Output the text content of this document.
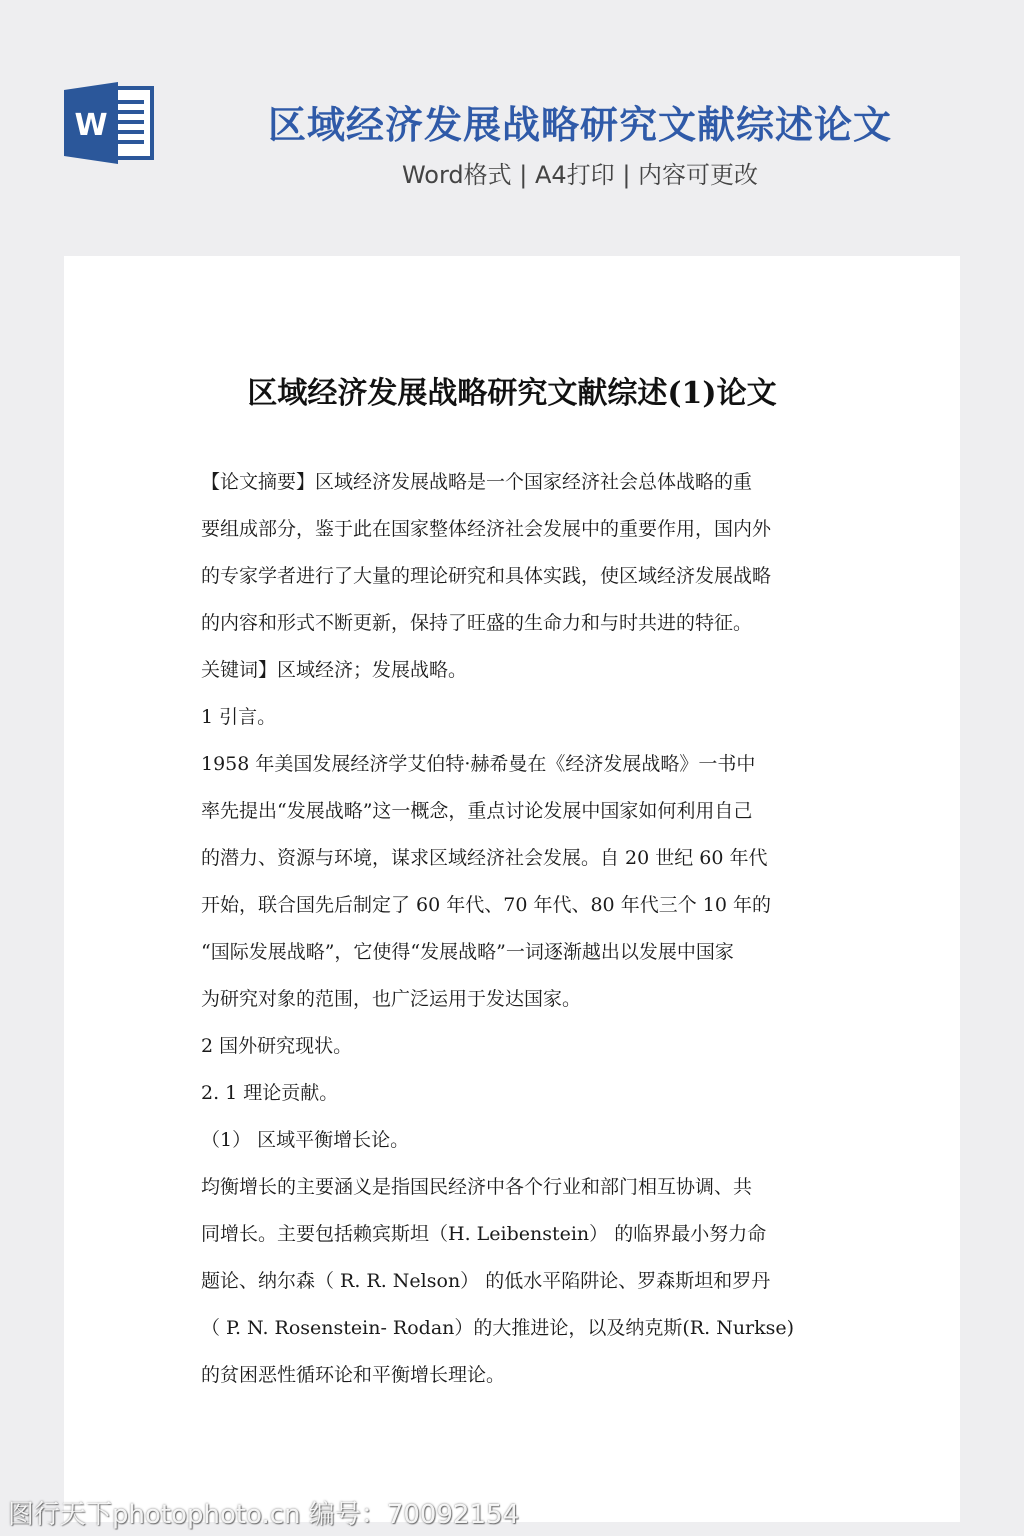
W	区域经济发展战略研究文献综述论文
Word格式 | A4打印 | 内容可更改
区域经济发展战略研究文献综述(1)论文
【论文摘要】区域经济发展战略是一个国家经济社会总体战略的重
要组成部分，鉴于此在国家整体经济社会发展中的重要作用，国内外
的专家学者进行了大量的理论研究和具体实践，使区域经济发展战略
的内容和形式不断更新，保持了旺盛的生命力和与时共进的特征。
关键词】区域经济；发展战略。
1 引言。
1958 年美国发展经济学艾伯特·赫希曼在《经济发展战略》一书中
率先提出“发展战略”这一概念，重点讨论发展中国家如何利用自己
的潜力、资源与环境，谋求区域经济社会发展。自 20 世纪 60 年代
开始，联合国先后制定了 60 年代、70 年代、80 年代三个 10 年的
“国际发展战略”，它使得“发展战略”一词逐渐越出以发展中国家
为研究对象的范围，也广泛运用于发达国家。
2 国外研究现状。
2. 1 理论贡献。
（1） 区域平衡增长论。
均衡增长的主要涵义是指国民经济中各个行业和部门相互协调、共
同增长。主要包括赖宾斯坦（H. Leibenstein） 的临界最小努力命
题论、纳尔森（ R. R. Nelson） 的低水平陷阱论、罗森斯坦和罗丹
（ P. N. Rosenstein- Rodan）的大推进论，以及纳克斯(R. Nurkse)
的贫困恶性循环论和平衡增长理论。
图行天下photophoto.cn 编号：70092154
